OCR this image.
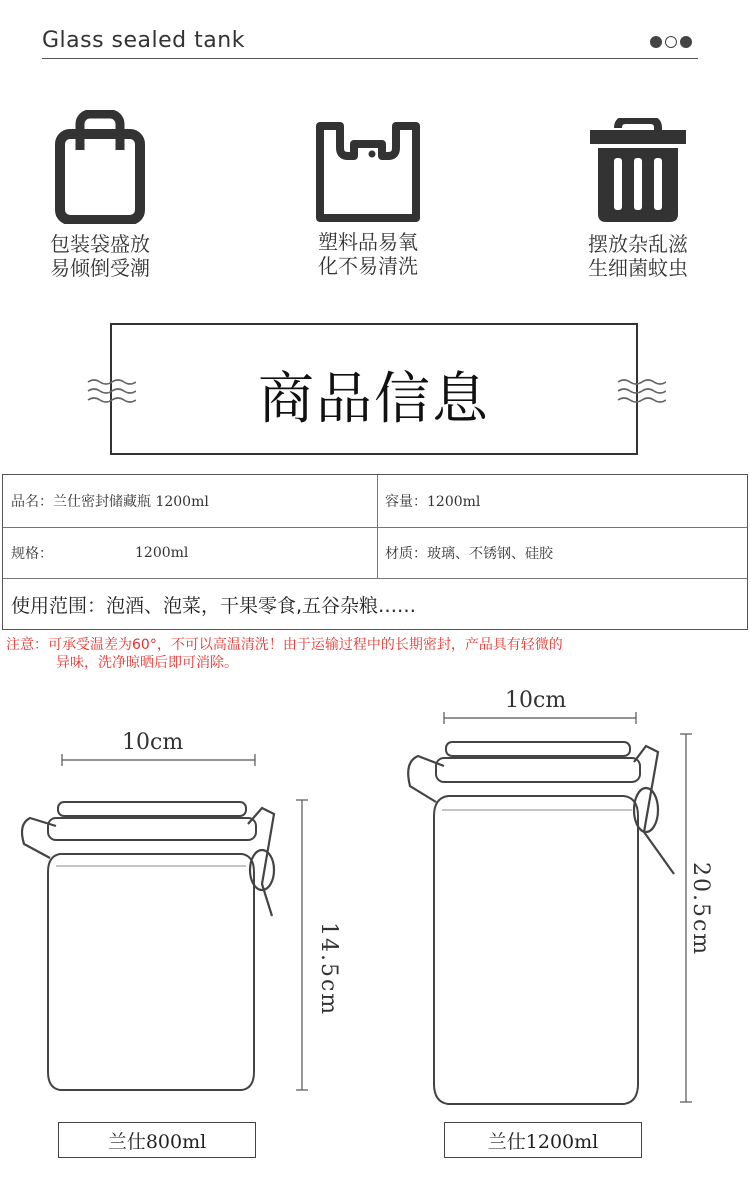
Glass sealed tank
包装袋盛放
易倾倒受潮
塑料品易氧
化不易清洗
摆放杂乱滋
生细菌蚊虫
商品信息
品名：兰仕密封储藏瓶 1200ml	容量：1200ml
规格：	1200ml	材质：玻璃、不锈钢、硅胶
使用范围：泡酒、泡菜，干果零食,五谷杂粮……
注意：可承受温差为60°，不可以高温清洗！由于运输过程中的长期密封，产品具有轻微的
异味，洗净晾晒后即可消除。
10cm
14.5cm
兰仕800ml
10cm
20.5cm
兰仕1200ml
